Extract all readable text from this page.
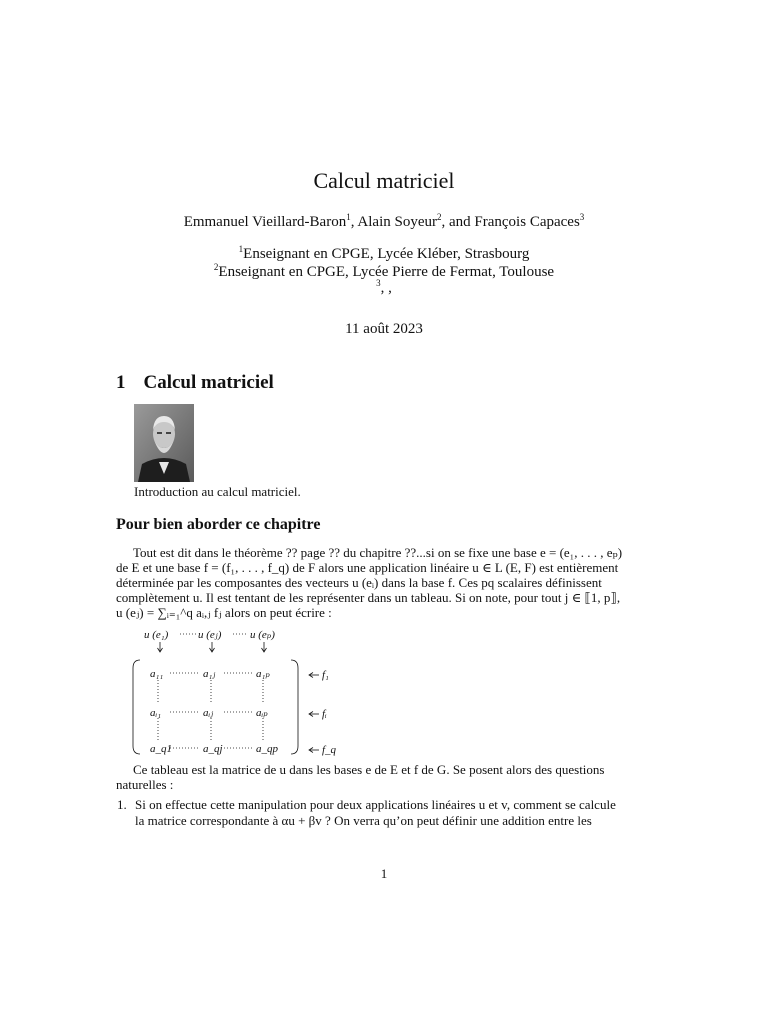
Calcul matriciel
Emmanuel Vieillard-Baron$^1$, Alain Soyeur$^2$, and François Capaces$^3$
$^1$Enseignant en CPGE, Lycée Kléber, Strasbourg
$^2$Enseignant en CPGE, Lycée Pierre de Fermat, Toulouse
$^3$, ,
11 août 2023
1 Calcul matriciel
Introduction au calcul matriciel.
Pour bien aborder ce chapitre

Tout est dit dans le théorème ?? page ?? du chapitre ??...si on se fixe une base e = (e₁, . . . , eₚ)

de E et une base f = (f₁, . . . , f_q) de F alors une application linéaire u ∈ L (E, F) est entièrement
déterminée par les composantes des vecteurs u (eᵢ) dans la base f. Ces pq scalaires définissent
complètement u. Il est tentant de les représenter dans un tableau. Si on note, pour tout j ∈ ⟦1, p⟧,
u (eⱼ) = ∑ᵢ₌₁^q aᵢ,ⱼ fⱼ alors on peut écrire :
u (e₁)	u (eⱼ)	u (eₚ)
a₁₁	a₁ⱼ	a₁ₚ	f₁
aᵢ₁	aᵢⱼ	aᵢₚ	fᵢ
a_q1	a_qj	a_qp	f_q

Ce tableau est la matrice de u dans les bases e de E et f de G. Se posent alors des questions

naturelles :
1. Si on effectue cette manipulation pour deux applications linéaires u et v, comment se calcule
la matrice correspondante à αu + βv ? On verra qu’on peut définir une addition entre les
1
